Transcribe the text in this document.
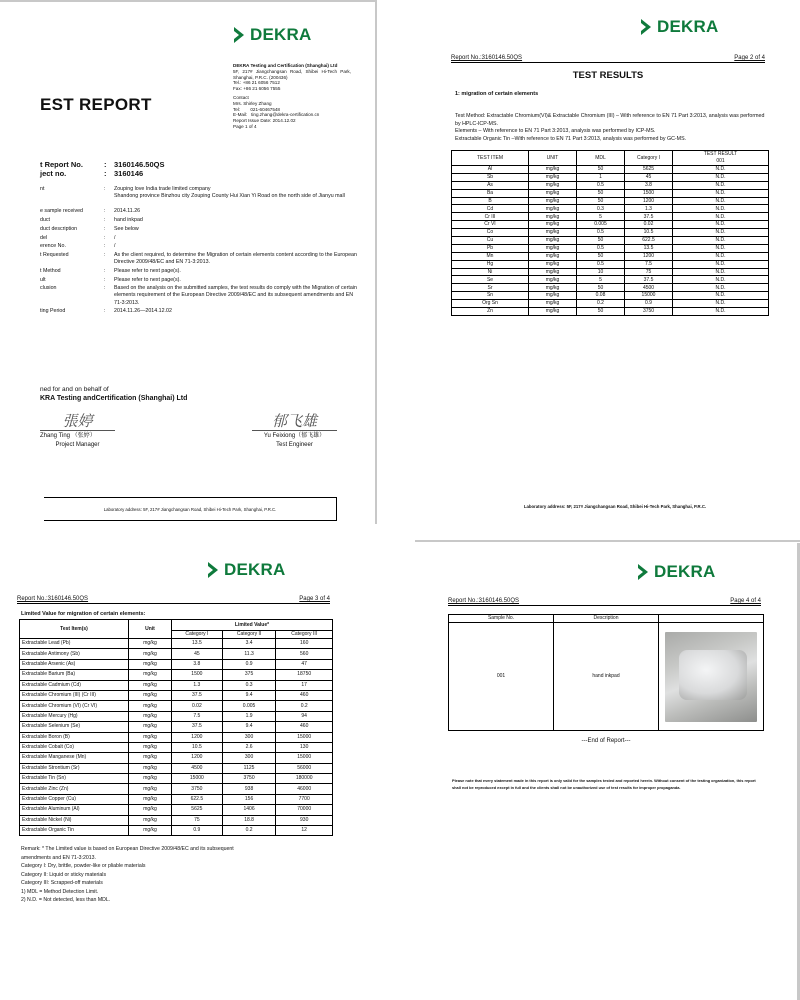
DEKRA
EST REPORT
DEKRA Testing and Certification (Shanghai) Ltd
5F, 217# Jiangchangsan Road, Shibei Hi-Tech Park, Shanghai, P.R.C. (200436)
Tel.: +86 21 6056 7512
Fax: +86 21 6056 7555
Contact
Mrs. Shirley Zhang
Tel:        021-60467548
E-Mail:   ting.zhang@dekra-certification.cn
Report Issue Date: 2014.12.02
Page 1 of 4
t Report No.	:	3160146.50QS
ject no.	:	3160146
nt	:	Zouping love India trade limited company
Shandong province Binzhou city Zouping County Hui Xian Yi Road on the north side of Jianyu mall
e sample received	:	2014.11.26
duct	:	hand inkpad
duct description	:	See below
del	:	/
erence No.	:	/
t Requested	:	As the client required, to determine the Migration of certain elements content according to the European Directive 2009/48/EC and EN 71-3:2013.
t Method	:	Please refer to next page(s).
ult	:	Please refer to next page(s).
clusion	:	Based on the analysis on the submitted samples, the test results do comply with the Migration of certain elements requirement of the European Directive 2009/48/EC and its subsequent amendments and EN 71-3:2013.
ting Period	:	2014.11.26—2014.12.02
ned for and on behalf of
KRA Testing andCertification (Shanghai) Ltd
張婷
Zhang Ting （张婷）
Project Manager
郁飞雄
Yu Feixiong（郁飞雄）
Test Engineer
Laboratory address: 5F, 217# Jiangchangsan Road, Shibei Hi-Tech Park, Shanghai, P.R.C.
DEKRA
Report No.:3160146.50QS	Page 2 of 4
TEST RESULTS
1: migration of certain elements
Test Method: Extractable Chromium(VI)& Extractable Chromium (III) – With reference to EN 71 Part 3:2013, analysis was performed by HPLC-ICP-MS.
Elements – With reference to EN 71 Part 3:2013, analysis was performed by ICP-MS.
Extractable Organic Tin –With reference to EN 71 Part 3:2013, analysis was performed by GC-MS.
TEST ITEM	UNIT	MDL	Category I	TEST RESULT
001
Al	mg/kg	50	5625	N.D.
Sb	mg/kg	1	45	N.D.
As	mg/kg	0.5	3.8	N.D.
Ba	mg/kg	50	1500	N.D.
B	mg/kg	50	1200	N.D.
Cd	mg/kg	0.3	1.3	N.D.
Cr III	mg/kg	5	37.5	N.D.
Cr VI	mg/kg	0.005	0.02	N.D.
Co	mg/kg	0.5	10.5	N.D.
Cu	mg/kg	50	622.5	N.D.
Pb	mg/kg	0.5	13.5	N.D.
Mn	mg/kg	50	1200	N.D.
Hg	mg/kg	0.5	7.5	N.D.
Ni	mg/kg	10	75	N.D.
Se	mg/kg	5	37.5	N.D.
Sr	mg/kg	50	4500	N.D.
Sn	mg/kg	0.08	15000	N.D.
Org Sn	mg/kg	0.2	0.9	N.D.
Zn	mg/kg	50	3750	N.D.
Laboratory address: 5F, 217# Jiangchangsan Road, Shibei Hi-Tech Park, Shanghai, P.R.C.
DEKRA
Report No.:3160146.50QS	Page 3 of 4
Limited Value for migration of certain elements:
Test Item(s)	Unit	Limited Value*		
		Category I	Category II	Category III
Extractable Lead (Pb)	mg/kg	13.5	3.4	160
Extractable Antimony (Sb)	mg/kg	45	11.3	560
Extractable Arsenic (As)	mg/kg	3.8	0.9	47
Extractable Barium (Ba)	mg/kg	1500	375	18750
Extractable Cadmium (Cd)	mg/kg	1.3	0.3	17
Extractable Chromium (III) (Cr III)	mg/kg	37.5	9.4	460
Extractable Chromium (VI) (Cr VI)	mg/kg	0.02	0.005	0.2
Extractable Mercury (Hg)	mg/kg	7.5	1.9	94
Extractable Selenium (Se)	mg/kg	37.5	9.4	460
Extractable Boron (B)	mg/kg	1200	300	15000
Extractable Cobalt (Co)	mg/kg	10.5	2.6	130
Extractable Manganese (Mn)	mg/kg	1200	300	15000
Extractable Strontium (Sr)	mg/kg	4500	1125	56000
Extractable Tin (Sn)	mg/kg	15000	3750	180000
Extractable Zinc (Zn)	mg/kg	3750	938	46000
Extractable Copper (Cu)	mg/kg	622.5	156	7700
Extractable Aluminum (Al)	mg/kg	5625	1406	70000
Extractable Nickel (Ni)	mg/kg	75	18.8	930
Extractable Organic Tin	mg/kg	0.9	0.2	12
Remark: * The Limited value is based on European Directive 2009/48/EC and its subsequent
amendments and EN 71-3:2013.
Category I: Dry, brittle, powder-like or pliable materials
Category II: Liquid or sticky materials
Category III: Scrapped-off materials
1) MDL = Method Detection Limit.
2) N.D. = Not detected, less than MDL.
DEKRA
Report No.:3160146.50QS	Page 4 of 4
Sample No.	Description	
001	hand inkpad	
---End of Report---
Please note that every statement made in this report is only valid for the samples tested and reported herein. Without consent of the testing organization, this report shall not be reproduced except in full and the clients shall not be unauthorized use of test results for improper propaganda.
